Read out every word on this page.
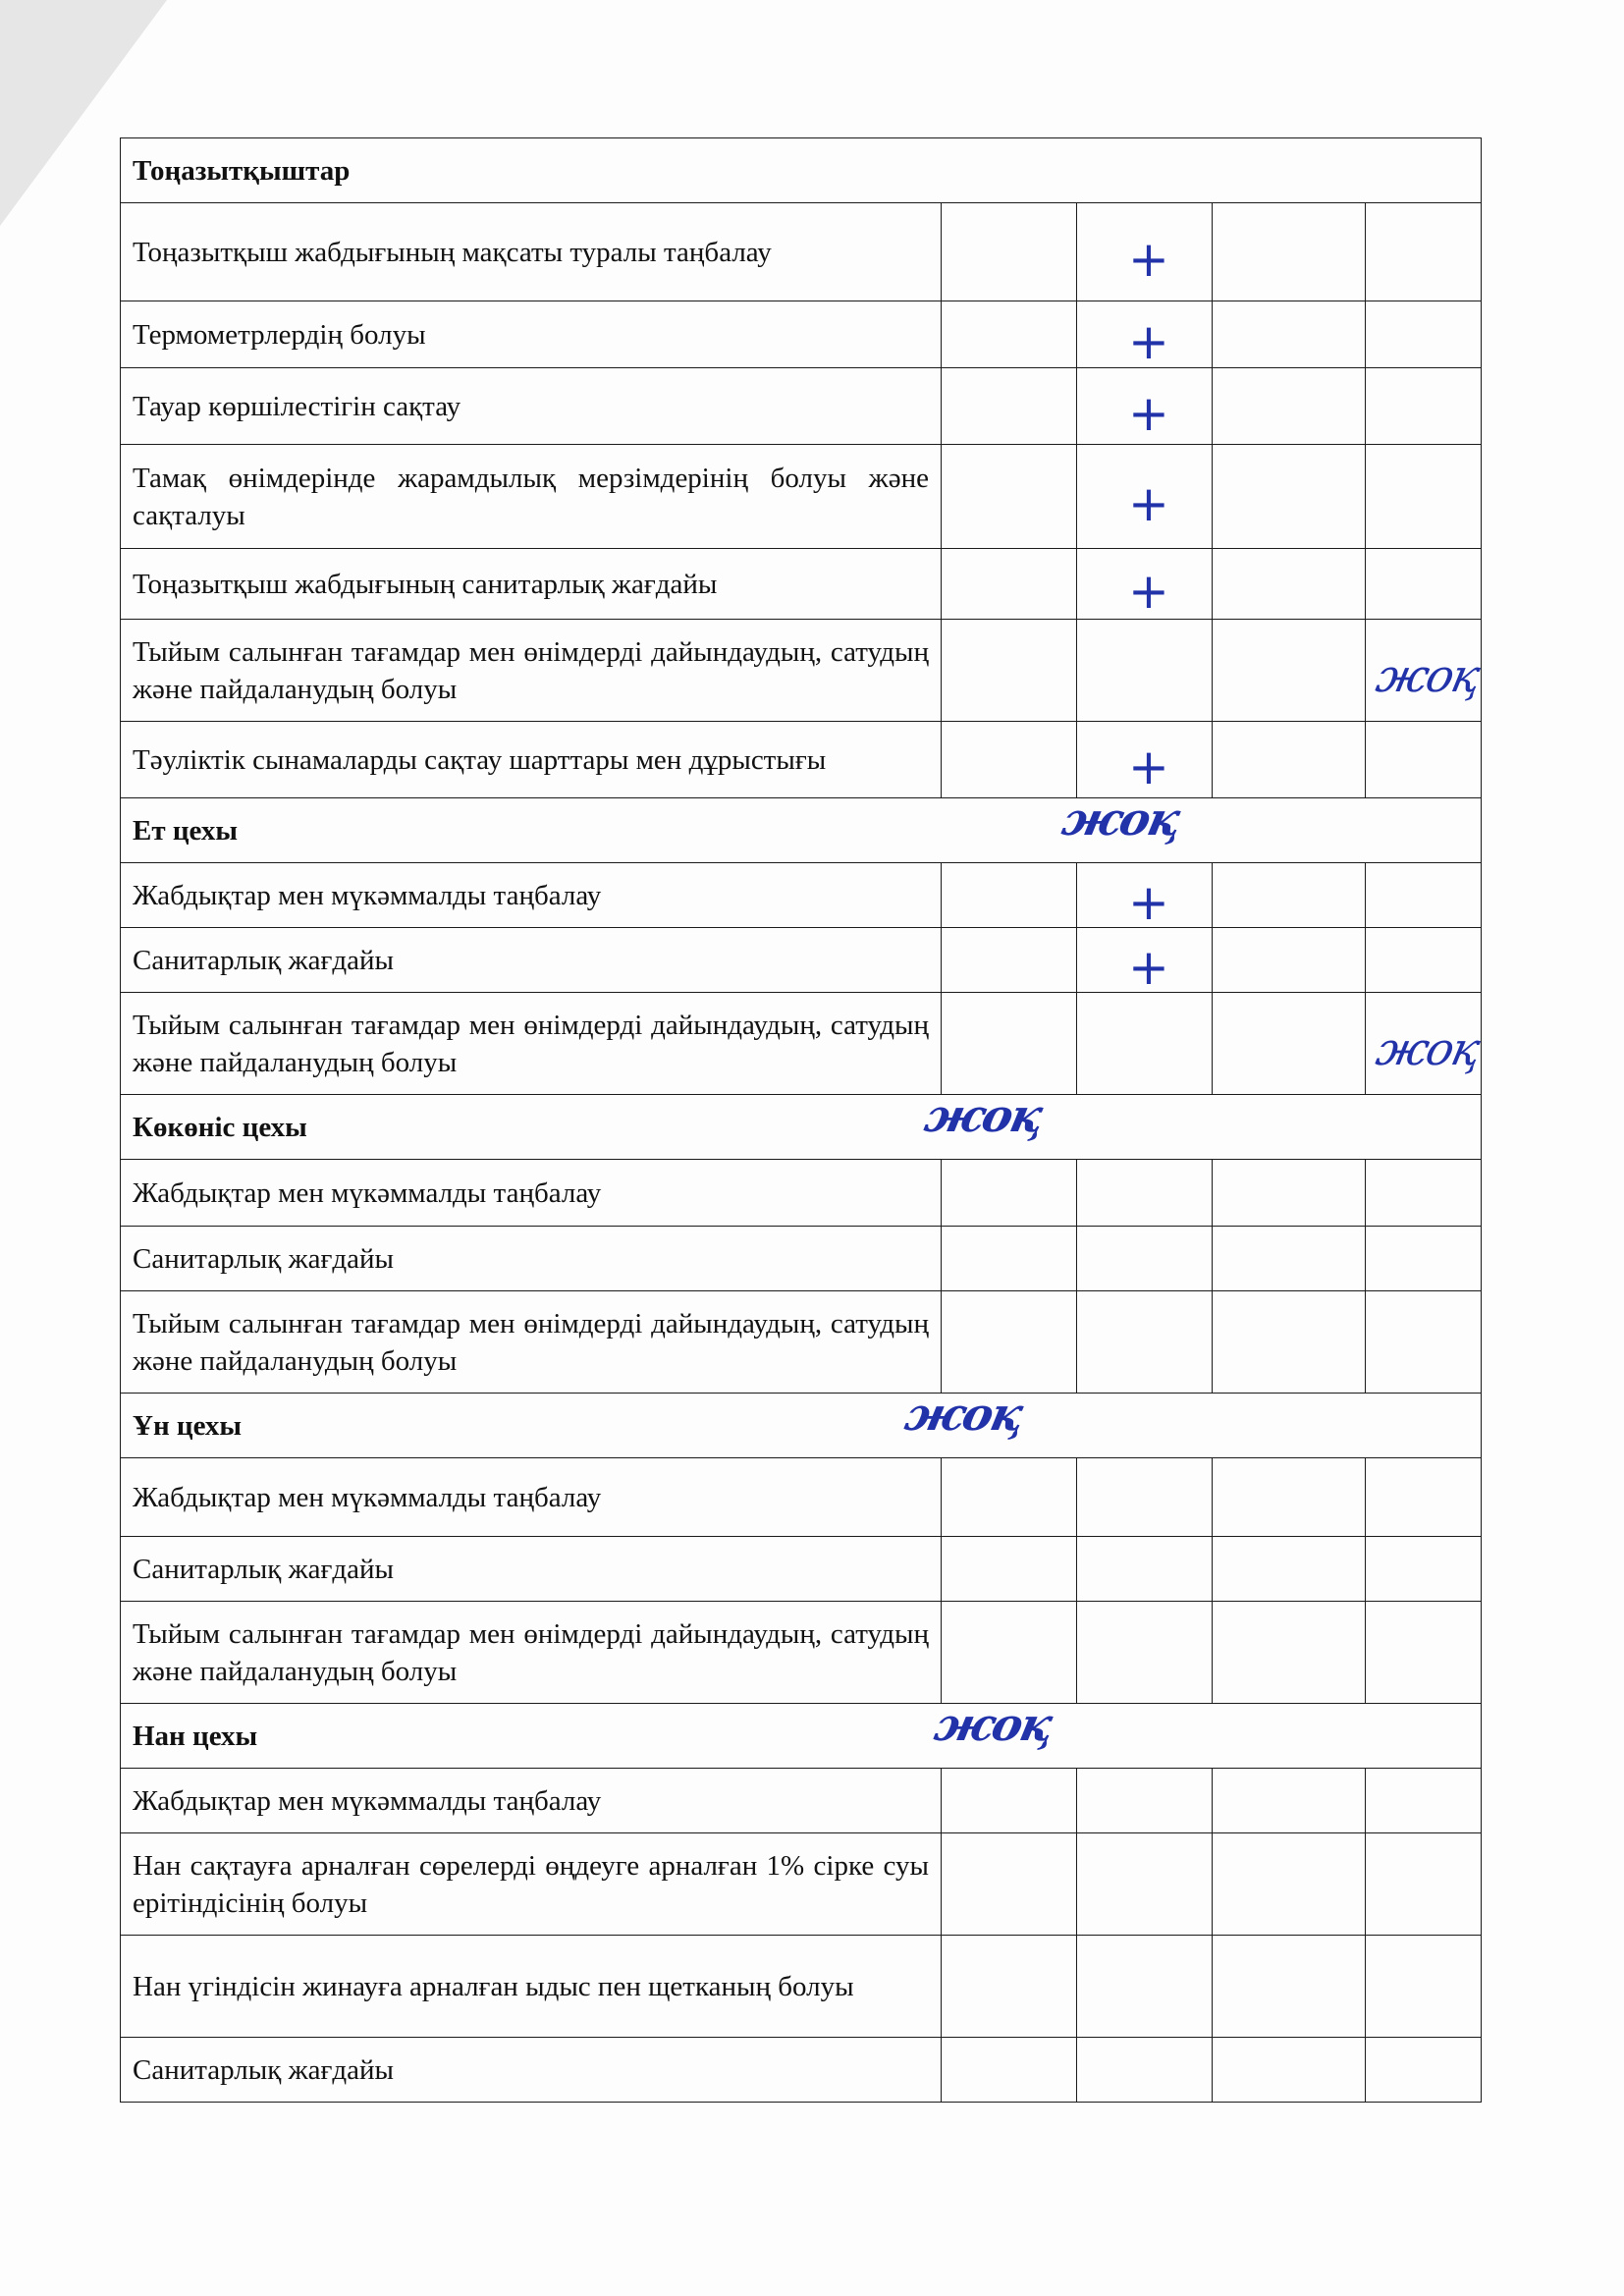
Тоңазытқыштар				
Тоңазытқыш жабдығының мақсаты туралы таңбалау		+		

Термометрлердің болуы		+		

Тауар көршілестігін сақтау		+		

Тамақ өнімдерінде жарамдылық мерзімдерінің болуы және сақталуы		+		

Тоңазытқыш жабдығының санитарлық жағдайы		+		

Тыйым салынған тағамдар мен өнімдерді дайындаудың, сатудың және пайдаланудың болуы				жоқ

Тәуліктік сынамаларды сақтау шарттары мен дұрыстығы		+		

Ет цехы жоқ				

Жабдықтар мен мүкәммалды таңбалау		+		

Санитарлық жағдайы		+		

Тыйым салынған тағамдар мен өнімдерді дайындаудың, сатудың және пайдаланудың болуы				жоқ

Көкөніс цехы жоқ				

Жабдықтар мен мүкәммалды таңбалау				
Санитарлық жағдайы				
Тыйым салынған тағамдар мен өнімдерді дайындаудың, сатудың және пайдаланудың болуы				
Ұн цехы жоқ				

Жабдықтар мен мүкәммалды таңбалау				
Санитарлық жағдайы				
Тыйым салынған тағамдар мен өнімдерді дайындаудың, сатудың және пайдаланудың болуы				
Нан цехы жоқ				

Жабдықтар мен мүкәммалды таңбалау				
Нан сақтауға арналған сөрелерді өңдеуге арналған 1% сірке суы ерітіндісінің болуы				
Нан үгіндісін жинауға арналған ыдыс пен щетканың болуы				
Санитарлық жағдайы				
